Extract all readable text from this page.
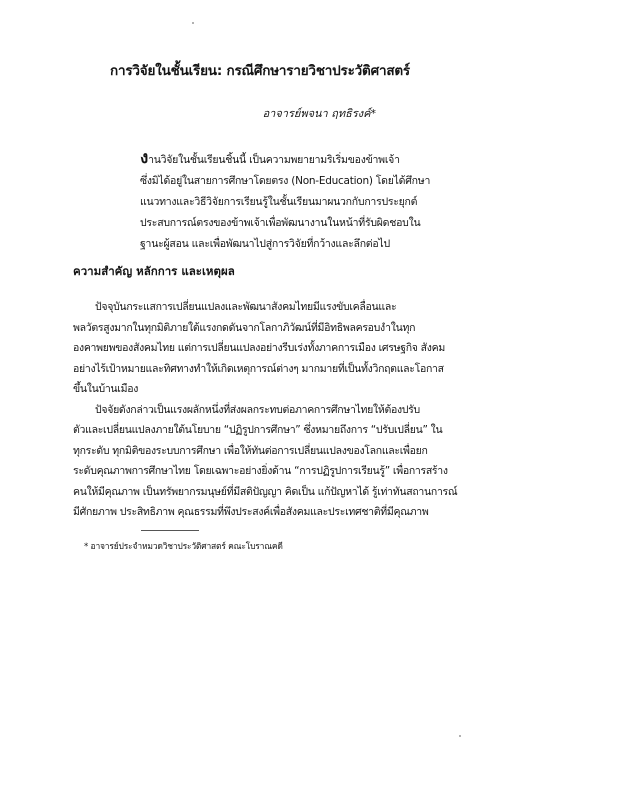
การวิจัยในชั้นเรียน: กรณีศึกษารายวิชาประวัติศาสตร์
อาจารย์พจนา ฤทธิรงค์*
งานวิจัยในชั้นเรียนชิ้นนี้ เป็นความพยายามริเริ่มของข้าพเจ้า
ซึ่งมิได้อยู่ในสายการศึกษาโดยตรง (Non-Education) โดยได้ศึกษา
แนวทางและวิธีวิจัยการเรียนรู้ในชั้นเรียนมาผนวกกับการประยุกต์
ประสบการณ์ตรงของข้าพเจ้าเพื่อพัฒนางานในหน้าที่รับผิดชอบใน
ฐานะผู้สอน และเพื่อพัฒนาไปสู่การวิจัยที่กว้างและลึกต่อไป
ความสำคัญ หลักการ และเหตุผล
ปัจจุบันกระแสการเปลี่ยนแปลงและพัฒนาสังคมไทยมีแรงขับเคลื่อนและ
พลวัตรสูงมากในทุกมิติภายใต้แรงกดดันจากโลกาภิวัฒน์ที่มีอิทธิพลครอบงำในทุก
องคาพยพของสังคมไทย แต่การเปลี่ยนแปลงอย่างรีบเร่งทั้งภาคการเมือง เศรษฐกิจ สังคม
อย่างไร้เป้าหมายและทิศทางทำให้เกิดเหตุการณ์ต่างๆ มากมายที่เป็นทั้งวิกฤตและโอกาส
ขึ้นในบ้านเมือง
ปัจจัยดังกล่าวเป็นแรงผลักหนึ่งที่ส่งผลกระทบต่อภาคการศึกษาไทยให้ต้องปรับ
ตัวและเปลี่ยนแปลงภายใต้นโยบาย “ปฏิรูปการศึกษา” ซึ่งหมายถึงการ “ปรับเปลี่ยน” ใน
ทุกระดับ ทุกมิติของระบบการศึกษา เพื่อให้ทันต่อการเปลี่ยนแปลงของโลกและเพื่อยก
ระดับคุณภาพการศึกษาไทย โดยเฉพาะอย่างยิ่งด้าน “การปฏิรูปการเรียนรู้” เพื่อการสร้าง
คนให้มีคุณภาพ เป็นทรัพยากรมนุษย์ที่มีสติปัญญา คิดเป็น แก้ปัญหาได้ รู้เท่าทันสถานการณ์
มีศักยภาพ ประสิทธิภาพ คุณธรรมที่พึงประสงค์เพื่อสังคมและประเทศชาติที่มีคุณภาพ
* อาจารย์ประจำหมวดวิชาประวัติศาสตร์ คณะโบราณคดี
